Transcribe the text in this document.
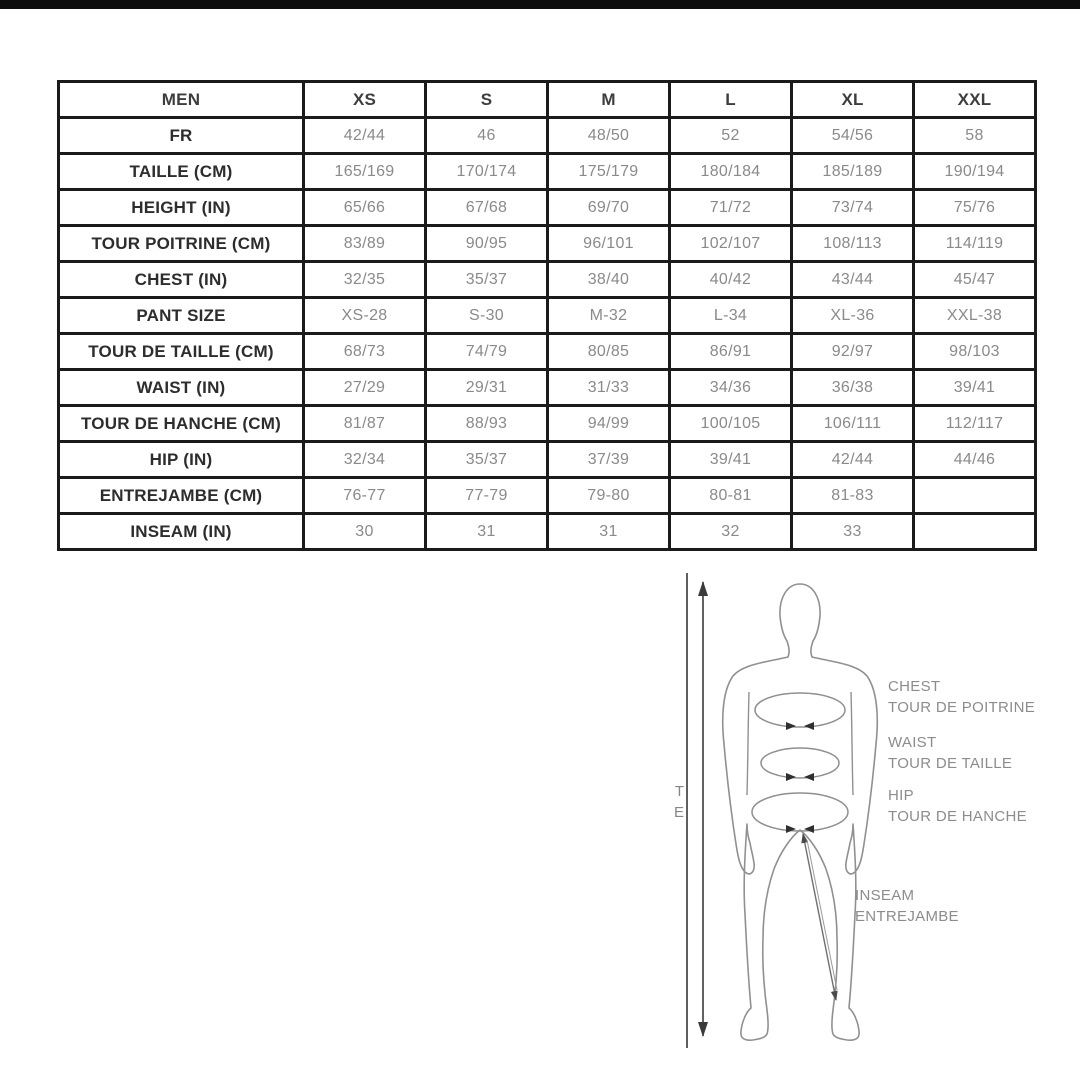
MEN	XS	S	M	L	XL	XXL
FR	42/44	46	48/50	52	54/56	58
TAILLE (CM)	165/169	170/174	175/179	180/184	185/189	190/194
HEIGHT (IN)	65/66	67/68	69/70	71/72	73/74	75/76
TOUR POITRINE (CM)	83/89	90/95	96/101	102/107	108/113	114/119
CHEST (IN)	32/35	35/37	38/40	40/42	43/44	45/47
PANT SIZE	XS-28	S-30	M-32	L-34	XL-36	XXL-38
TOUR DE TAILLE (CM)	68/73	74/79	80/85	86/91	92/97	98/103
WAIST (IN)	27/29	29/31	31/33	34/36	36/38	39/41
TOUR DE HANCHE (CM)	81/87	88/93	94/99	100/105	106/111	112/117
HIP (IN)	32/34	35/37	37/39	39/41	42/44	44/46
ENTREJAMBE (CM)	76-77	77-79	79-80	80-81	81-83	
INSEAM (IN)	30	31	31	32	33	
CHEST
TOUR DE POITRINE
WAIST
TOUR DE TAILLE
HIP
TOUR DE HANCHE
INSEAM
ENTREJAMBE
T
E
